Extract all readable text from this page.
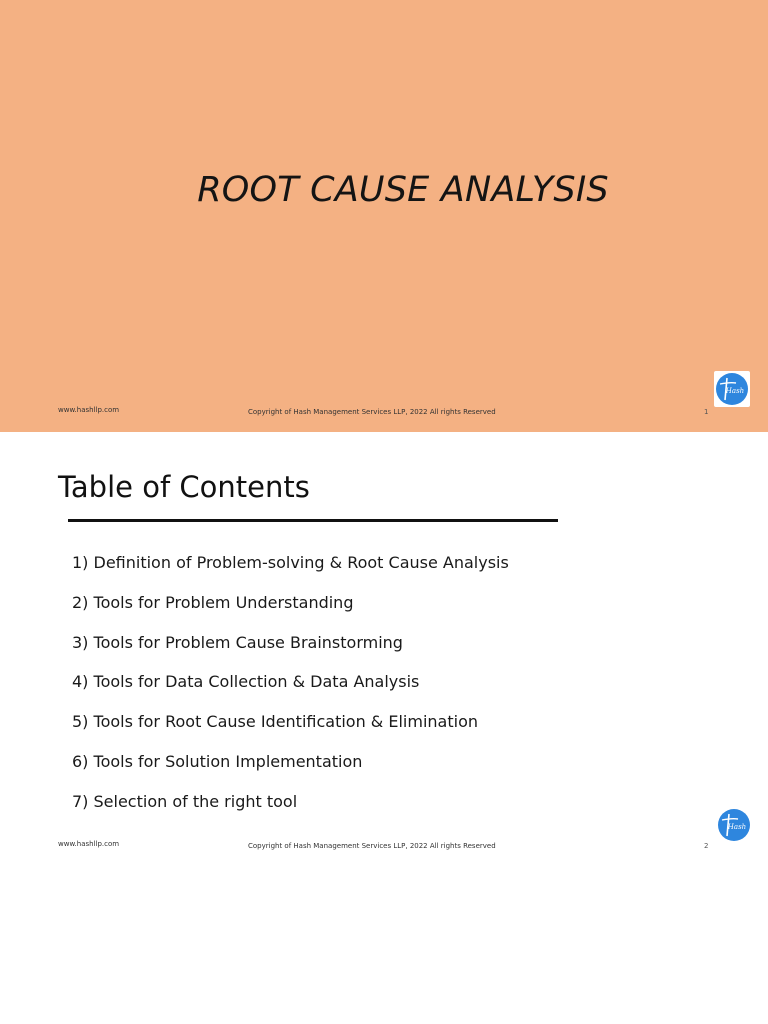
ROOT CAUSE ANALYSIS
www.hashllp.com	Copyright of Hash Management Services LLP, 2022 All rights Reserved	1
Hash
Table of Contents
1) Definition of Problem-solving & Root Cause Analysis
2) Tools for Problem Understanding
3) Tools for Problem Cause Brainstorming
4) Tools for Data Collection & Data Analysis
5) Tools for Root Cause Identification & Elimination
6) Tools for Solution Implementation
7) Selection of the right tool
www.hashllp.com	Copyright of Hash Management Services LLP, 2022 All rights Reserved	2
Hash
